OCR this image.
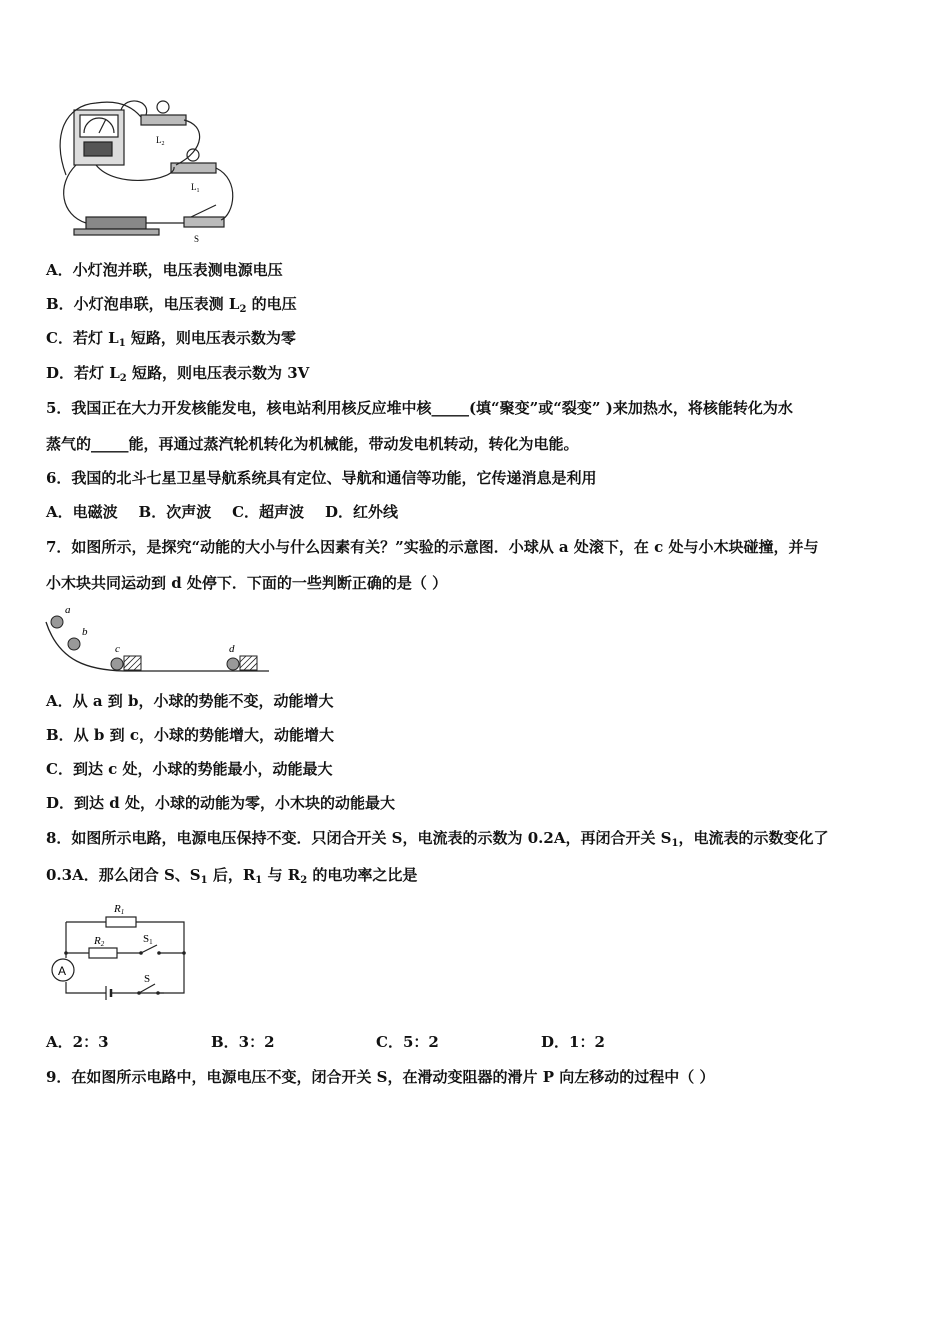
$L_2$
$L_1$
S
A．小灯泡并联，电压表测电源电压
B．小灯泡串联，电压表测 $L_2$ 的电压
C．若灯 $L_1$ 短路，则电压表示数为零
D．若灯 $L_2$ 短路，则电压表示数为 3V
5．我国正在大力开发核能发电，核电站利用核反应堆中核_____(填“聚变”或“裂变” )来加热水，将核能转化为水
蒸气的_____能，再通过蒸汽轮机转化为机械能，带动发电机转动，转化为电能。
6．我国的北斗七星卫星导航系统具有定位、导航和通信等功能，它传递消息是利用
A．电磁波 B．次声波 C．超声波 D．红外线
7．如图所示，是探究“动能的大小与什么因素有关？”实验的示意图．小球从 a 处滚下，在 c 处与小木块碰撞，并与
小木块共同运动到 d 处停下．下面的一些判断正确的是（ ）
a
b
c	d
A．从 a 到 b，小球的势能不变，动能增大
B．从 b 到 c，小球的势能增大，动能增大
C．到达 c 处，小球的势能最小，动能最大
D．到达 d 处，小球的动能为零，小木块的动能最大
8．如图所示电路，电源电压保持不变．只闭合开关 S，电流表的示数为 0.2A，再闭合开关 $S_1$，电流表的示数变化了
0.3A．那么闭合 S、$S_1$ 后，$R_1$ 与 $R_2$ 的电功率之比是
A
R1
R2	S1
S
A．2：3	B．3：2	C．5：2	D．1：2
9．在如图所示电路中，电源电压不变，闭合开关 S，在滑动变阻器的滑片 P 向左移动的过程中（ ）
